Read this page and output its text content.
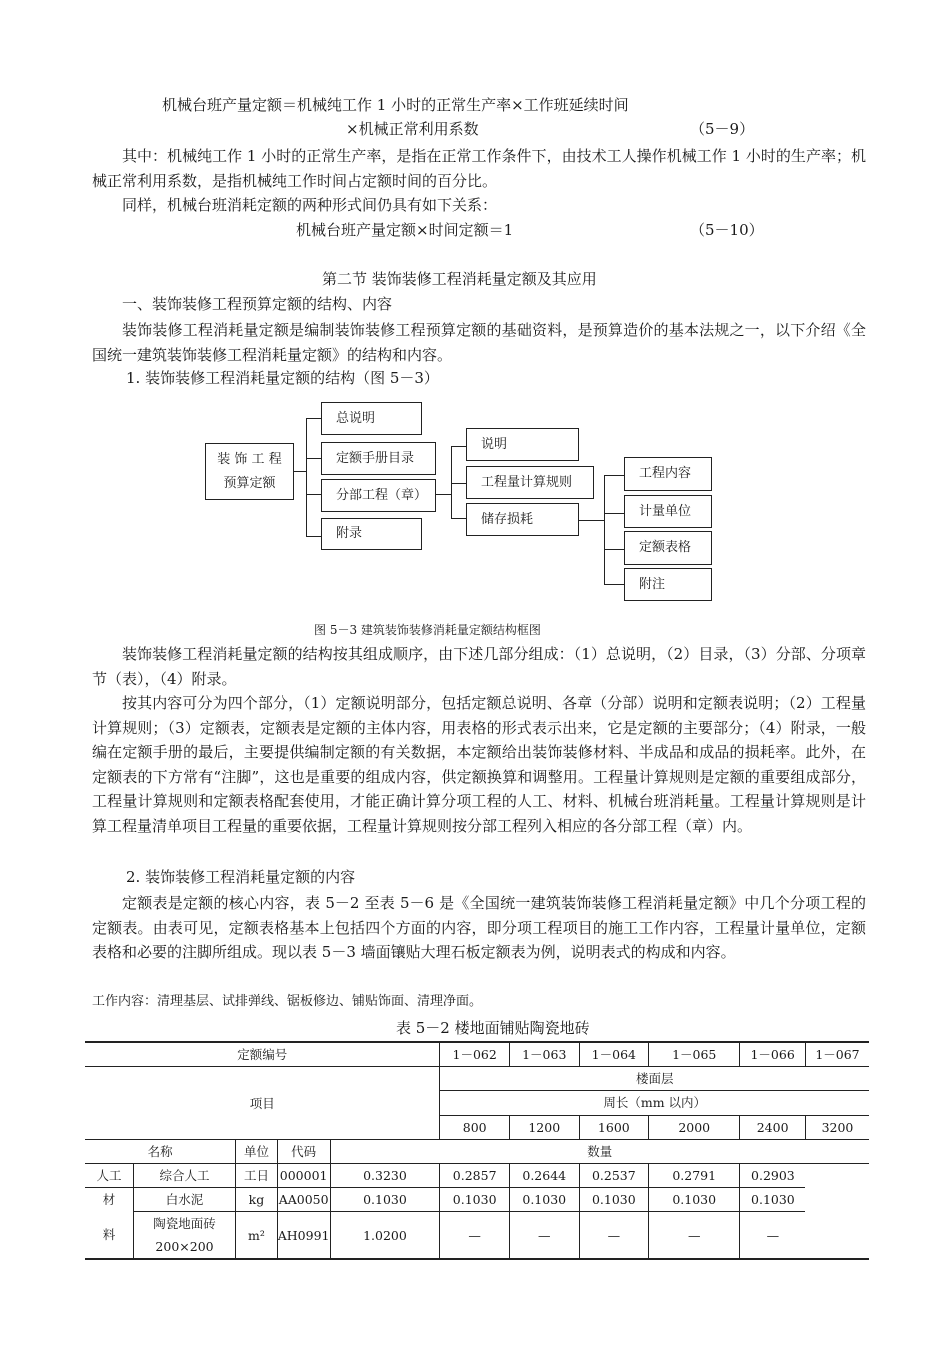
机械台班产量定额＝机械纯工作 1 小时的正常生产率×工作班延续时间
×机械正常利用系数	（5－9）
其中：机械纯工作 1 小时的正常生产率，是指在正常工作条件下，由技术工人操作机械工作 1 小时的生产率；机械正常利用系数，是指机械纯工作时间占定额时间的百分比。
同样，机械台班消耗定额的两种形式间仍具有如下关系：
机械台班产量定额×时间定额＝1	（5－10）
第二节 装饰装修工程消耗量定额及其应用
一、装饰装修工程预算定额的结构、内容
装饰装修工程消耗量定额是编制装饰装修工程预算定额的基础资料，是预算造价的基本法规之一，以下介绍《全国统一建筑装饰装修工程消耗量定额》的结构和内容。
1. 装饰装修工程消耗量定额的结构（图 5－3）
装 饰 工 程
预算定额
总说明
定额手册目录
分部工程（章）
附录
说明
工程量计算规则
储存损耗
工程内容
计量单位
定额表格
附注
图 5－3 建筑装饰装修消耗量定额结构框图
装饰装修工程消耗量定额的结构按其组成顺序，由下述几部分组成：（1）总说明，（2）目录，（3）分部、分项章节（表），（4）附录。
按其内容可分为四个部分，（1）定额说明部分，包括定额总说明、各章（分部）说明和定额表说明；（2）工程量计算规则；（3）定额表，定额表是定额的主体内容，用表格的形式表示出来，它是定额的主要部分；（4）附录，一般编在定额手册的最后，主要提供编制定额的有关数据，本定额给出装饰装修材料、半成品和成品的损耗率。此外，在定额表的下方常有“注脚”，这也是重要的组成内容，供定额换算和调整用。工程量计算规则是定额的重要组成部分，工程量计算规则和定额表格配套使用，才能正确计算分项工程的人工、材料、机械台班消耗量。工程量计算规则是计算工程量清单项目工程量的重要依据，工程量计算规则按分部工程列入相应的各分部工程（章）内。
2. 装饰装修工程消耗量定额的内容
定额表是定额的核心内容，表 5－2 至表 5－6 是《全国统一建筑装饰装修工程消耗量定额》中几个分项工程的定额表。由表可见，定额表格基本上包括四个方面的内容，即分项工程项目的施工工作内容，工程量计量单位，定额表格和必要的注脚所组成。现以表 5－3 墙面镶贴大理石板定额表为例，说明表式的构成和内容。
工作内容：清理基层、试排弹线、锯板修边、铺贴饰面、清理净面。
表 5－2 楼地面铺贴陶瓷地砖
定额编号					1－062	1－063	1－064	1－065	1－066	1－067
项目					楼面层					
					周长（mm 以内）					
					800	1200	1600	2000	2400	3200
名称		单位	代码	数量						
人工	综合人工	工日	000001	0.3230	0.2857	0.2644	0.2537	0.2791	0.2903	
材	白水泥	kg	AA0050	0.1030	0.1030	0.1030	0.1030	0.1030	0.1030	
料	陶瓷地面砖 200×200	m²	AH0991	1.0200	—	—	—	—	—	
